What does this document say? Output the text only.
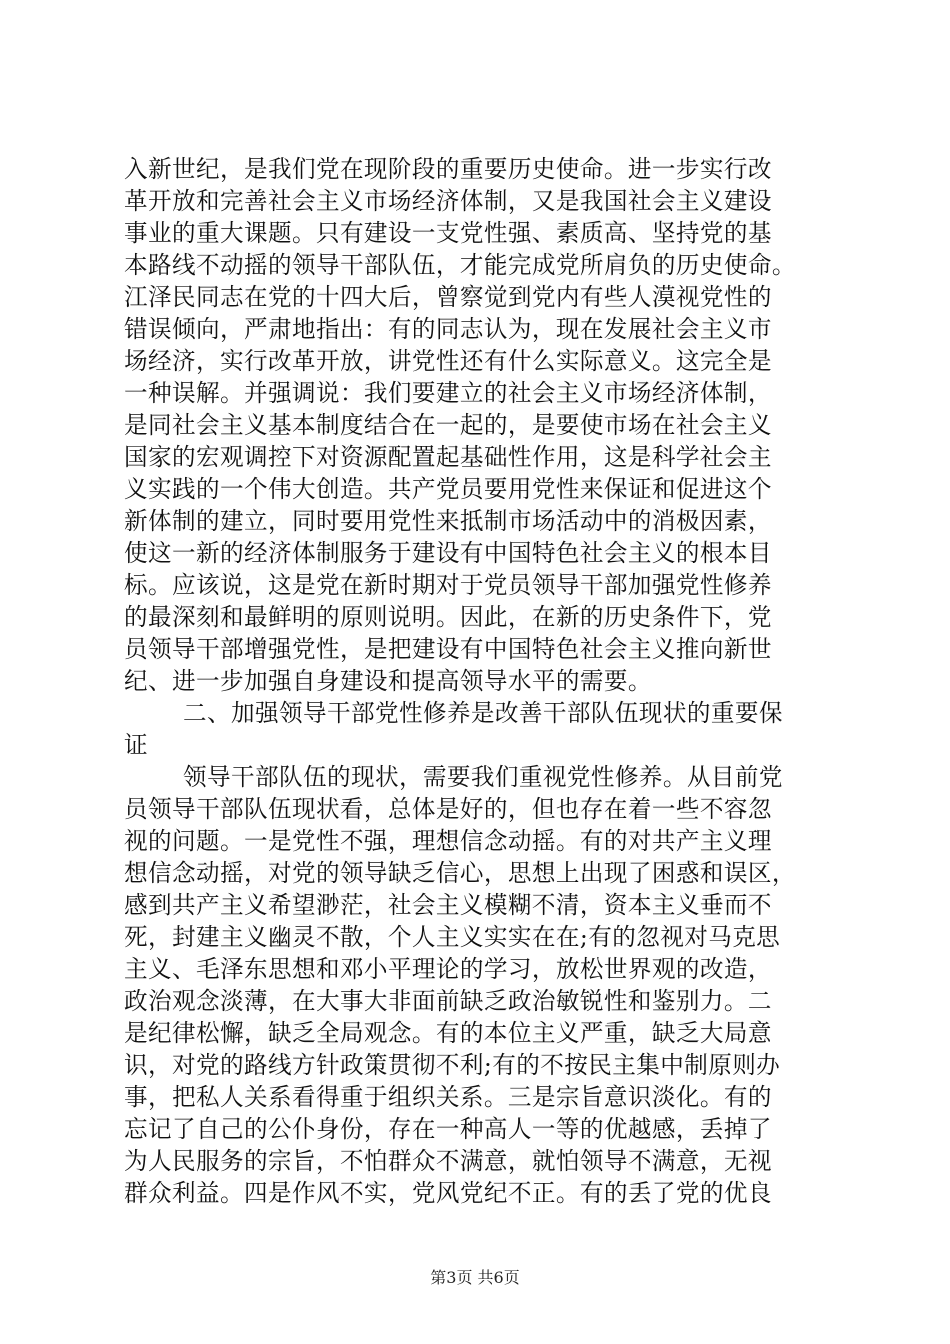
入新世纪，是我们党在现阶段的重要历史使命。进一步实行改
革开放和完善社会主义市场经济体制，又是我国社会主义建设
事业的重大课题。只有建设一支党性强、素质高、坚持党的基
本路线不动摇的领导干部队伍，才能完成党所肩负的历史使命。
江泽民同志在党的十四大后，曾察觉到党内有些人漠视党性的
错误倾向，严肃地指出：有的同志认为，现在发展社会主义市
场经济，实行改革开放，讲党性还有什么实际意义。这完全是
一种误解。并强调说：我们要建立的社会主义市场经济体制，
是同社会主义基本制度结合在一起的，是要使市场在社会主义
国家的宏观调控下对资源配置起基础性作用，这是科学社会主
义实践的一个伟大创造。共产党员要用党性来保证和促进这个
新体制的建立，同时要用党性来抵制市场活动中的消极因素，
使这一新的经济体制服务于建设有中国特色社会主义的根本目
标。应该说，这是党在新时期对于党员领导干部加强党性修养
的最深刻和最鲜明的原则说明。因此，在新的历史条件下，党
员领导干部增强党性，是把建设有中国特色社会主义推向新世
纪、进一步加强自身建设和提高领导水平的需要。
二、加强领导干部党性修养是改善干部队伍现状的重要保
证
领导干部队伍的现状，需要我们重视党性修养。从目前党
员领导干部队伍现状看，总体是好的，但也存在着一些不容忽
视的问题。一是党性不强，理想信念动摇。有的对共产主义理
想信念动摇，对党的领导缺乏信心，思想上出现了困惑和误区，
感到共产主义希望渺茫，社会主义模糊不清，资本主义垂而不
死，封建主义幽灵不散，个人主义实实在在;有的忽视对马克思
主义、毛泽东思想和邓小平理论的学习，放松世界观的改造，
政治观念淡薄，在大事大非面前缺乏政治敏锐性和鉴别力。二
是纪律松懈，缺乏全局观念。有的本位主义严重，缺乏大局意
识，对党的路线方针政策贯彻不利;有的不按民主集中制原则办
事，把私人关系看得重于组织关系。三是宗旨意识淡化。有的
忘记了自己的公仆身份，存在一种高人一等的优越感，丢掉了
为人民服务的宗旨，不怕群众不满意，就怕领导不满意，无视
群众利益。四是作风不实，党风党纪不正。有的丢了党的优良
第3页 共6页
